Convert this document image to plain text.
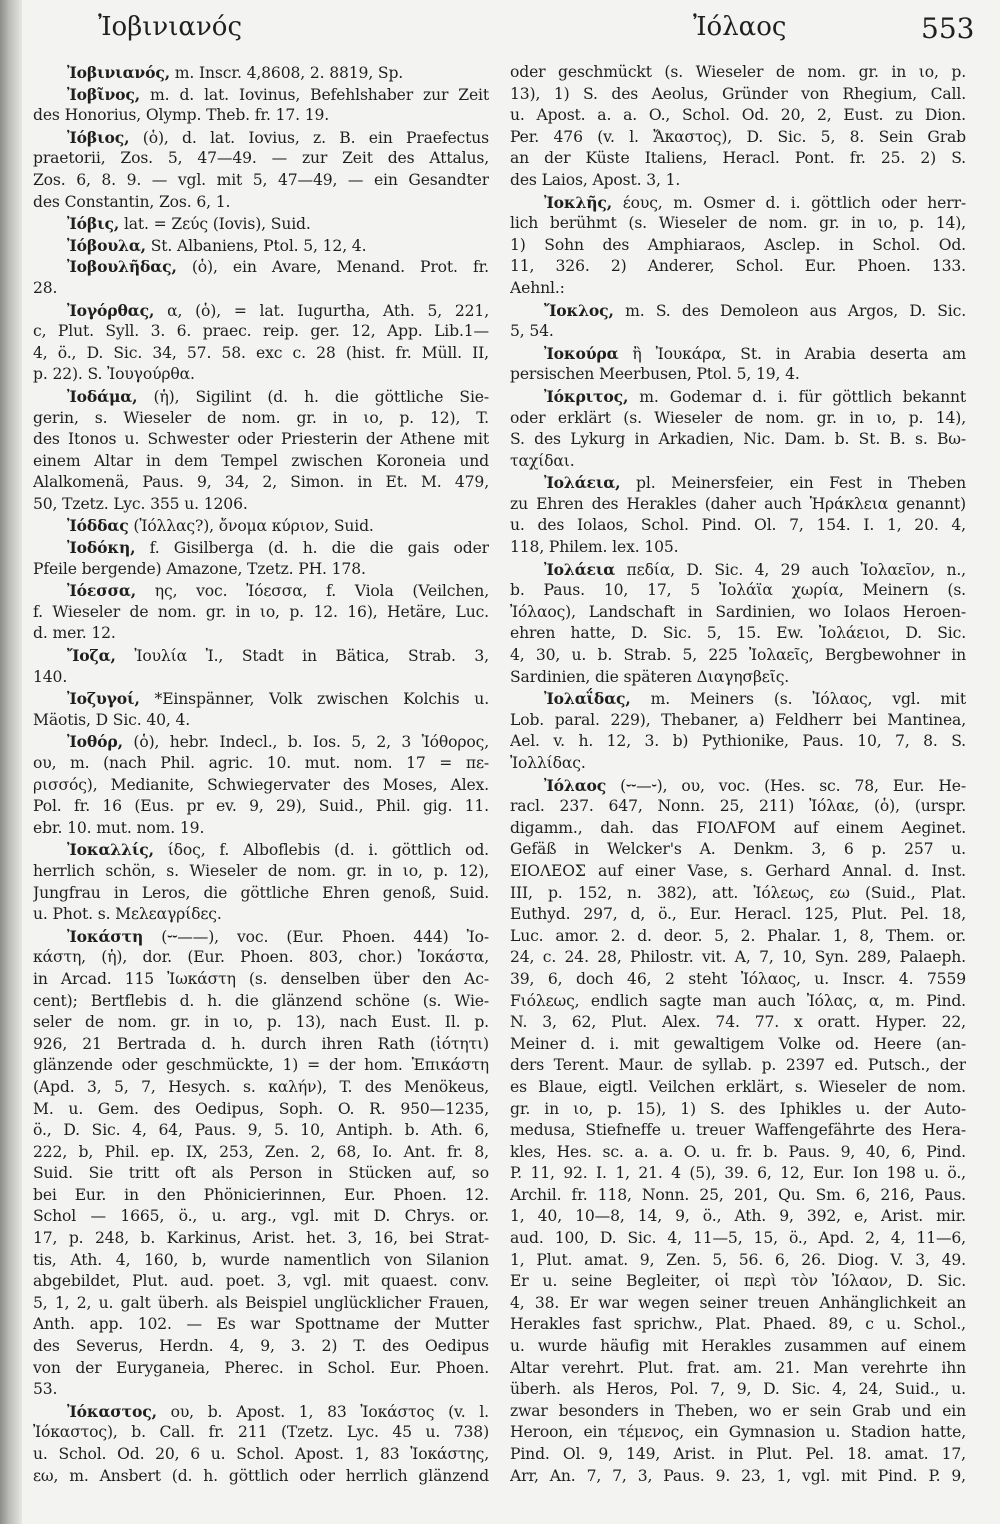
Ἰοβινιανός	Ἰόλαος	553
Ἰοβινιανός, m. Inscr. 4,8608, 2. 8819, Sp.
Ἰοβῖνος, m. d. lat. Iovinus, Befehlshaber zur Zeit
des Honorius, Olymp. Theb. fr. 17. 19.
Ἰόβιος, (ὁ), d. lat. Iovius, z. B. ein Praefectus
praetorii, Zos. 5, 47—49. — zur Zeit des Attalus,
Zos. 6, 8. 9. — vgl. mit 5, 47—49, — ein Gesandter
des Constantin, Zos. 6, 1.
Ἰόβις, lat. = Ζεύς (Iovis), Suid.
Ἰόβουλα, St. Albaniens, Ptol. 5, 12, 4.
Ἰοβουλῆδας, (ὁ), ein Avare, Menand. Prot. fr.
28.
Ἰογόρθας, α, (ὁ), = lat. Iugurtha, Ath. 5, 221,
c, Plut. Syll. 3. 6. praec. reip. ger. 12, App. Lib.1—
4, ö., D. Sic. 34, 57. 58. exc c. 28 (hist. fr. Müll. II,
p. 22). S. Ἰουγούρθα.
Ἰοδάμα, (ἡ), Sigilint (d. h. die göttliche Sie-
gerin, s. Wieseler de nom. gr. in ιο, p. 12), T.
des Itonos u. Schwester oder Priesterin der Athene mit
einem Altar in dem Tempel zwischen Koroneia und
Alalkomenä, Paus. 9, 34, 2, Simon. in Et. M. 479,
50, Tzetz. Lyc. 355 u. 1206.
Ἰόδδας (Ἰόλλας?), ὄνομα κύριον, Suid.
Ἰοδόκη, f. Gisilberga (d. h. die die gais oder
Pfeile bergende) Amazone, Tzetz. PH. 178.
Ἰόεσσα, ης, voc. Ἰόεσσα, f. Viola (Veilchen,
f. Wieseler de nom. gr. in ιο, p. 12. 16), Hetäre, Luc.
d. mer. 12.
Ἴοζα, Ἰουλία Ἰ., Stadt in Bätica, Strab. 3,
140.
Ἰοζυγοί, *Einspänner, Volk zwischen Kolchis u.
Mäotis, D Sic. 40, 4.
Ἰοθόρ, (ὁ), hebr. Indecl., b. Ios. 5, 2, 3 Ἰόθορος,
ου, m. (nach Phil. agric. 10. mut. nom. 17 = πε-
ρισσός), Medianite, Schwiegervater des Moses, Alex.
Pol. fr. 16 (Eus. pr ev. 9, 29), Suid., Phil. gig. 11.
ebr. 10. mut. nom. 19.
Ἰοκαλλίς, ίδος, f. Alboflebis (d. i. göttlich od.
herrlich schön, s. Wieseler de nom. gr. in ιο, p. 12),
Jungfrau in Leros, die göttliche Ehren genoß, Suid.
u. Phot. s. Μελεαγρίδες.
Ἰοκάστη (⏑⏑——), voc. (Eur. Phoen. 444) Ἰο-
κάστη, (ἡ), dor. (Eur. Phoen. 803, chor.) Ἰοκάστα,
in Arcad. 115 Ἰωκάστη (s. denselben über den Ac-
cent); Bertflebis d. h. die glänzend schöne (s. Wie-
seler de nom. gr. in ιο, p. 13), nach Eust. Il. p.
926, 21 Bertrada d. h. durch ihren Rath (ἰότητι)
glänzende oder geschmückte, 1) = der hom. Ἐπικάστη
(Apd. 3, 5, 7, Hesych. s. καλήν), T. des Menökeus,
M. u. Gem. des Oedipus, Soph. O. R. 950—1235,
ö., D. Sic. 4, 64, Paus. 9, 5. 10, Antiph. b. Ath. 6,
222, b, Phil. ep. IX, 253, Zen. 2, 68, Io. Ant. fr. 8,
Suid. Sie tritt oft als Person in Stücken auf, so
bei Eur. in den Phönicierinnen, Eur. Phoen. 12.
Schol — 1665, ö., u. arg., vgl. mit D. Chrys. or.
17, p. 248, b. Karkinus, Arist. het. 3, 16, bei Strat-
tis, Ath. 4, 160, b, wurde namentlich von Silanion
abgebildet, Plut. aud. poet. 3, vgl. mit quaest. conv.
5, 1, 2, u. galt überh. als Beispiel unglücklicher Frauen,
Anth. app. 102. — Es war Spottname der Mutter
des Severus, Herdn. 4, 9, 3. 2) T. des Oedipus
von der Euryganeia, Pherec. in Schol. Eur. Phoen.
53.
Ἰόκαστος, ου, b. Apost. 1, 83 Ἰοκάστος (v. l.
Ἰόκαστος), b. Call. fr. 211 (Tzetz. Lyc. 45 u. 738)
u. Schol. Od. 20, 6 u. Schol. Apost. 1, 83 Ἰοκάστης,
εω, m. Ansbert (d. h. göttlich oder herrlich glänzend
oder geschmückt (s. Wieseler de nom. gr. in ιο, p.
13), 1) S. des Aeolus, Gründer von Rhegium, Call.
u. Apost. a. a. O., Schol. Od. 20, 2, Eust. zu Dion.
Per. 476 (v. l. Ἄκαστος), D. Sic. 5, 8. Sein Grab
an der Küste Italiens, Heracl. Pont. fr. 25. 2) S.
des Laios, Apost. 3, 1.
Ἰοκλῆς, έους, m. Osmer d. i. göttlich oder herr-
lich berühmt (s. Wieseler de nom. gr. in ιο, p. 14),
1) Sohn des Amphiaraos, Asclep. in Schol. Od.
11, 326. 2) Anderer, Schol. Eur. Phoen. 133.
Aehnl.:
Ἴοκλος, m. S. des Demoleon aus Argos, D. Sic.
5, 54.
Ἰοκούρα ἢ Ἰουκάρα, St. in Arabia deserta am
persischen Meerbusen, Ptol. 5, 19, 4.
Ἰόκριτος, m. Godemar d. i. für göttlich bekannt
oder erklärt (s. Wieseler de nom. gr. in ιο, p. 14),
S. des Lykurg in Arkadien, Nic. Dam. b. St. B. s. Βω-
ταχίδαι.
Ἰολάεια, pl. Meinersfeier, ein Fest in Theben
zu Ehren des Herakles (daher auch Ἡράκλεια genannt)
u. des Iolaos, Schol. Pind. Ol. 7, 154. I. 1, 20. 4,
118, Philem. lex. 105.
Ἰολάεια πεδία, D. Sic. 4, 29 auch Ἰολαεῖον, n.,
b. Paus. 10, 17, 5 Ἰολάϊα χωρία, Meinern (s.
Ἰόλαος), Landschaft in Sardinien, wo Iolaos Heroen-
ehren hatte, D. Sic. 5, 15. Ew. Ἰολάειοι, D. Sic.
4, 30, u. b. Strab. 5, 225 Ἰολαεῖς, Bergbewohner in
Sardinien, die späteren Διαγησβεῖς.
Ἰολαΐδας, m. Meiners (s. Ἰόλαος, vgl. mit
Lob. paral. 229), Thebaner, a) Feldherr bei Mantinea,
Ael. v. h. 12, 3. b) Pythionike, Paus. 10, 7, 8. S.
Ἰολλίδας.
Ἰόλαος (⏑⏑—⏑), ου, voc. (Hes. sc. 78, Eur. He-
racl. 237. 647, Nonn. 25, 211) Ἰόλαε, (ὁ), (urspr.
digamm., dah. das FIOΛFOM auf einem Aeginet.
Gefäß in Welcker's A. Denkm. 3, 6 p. 257 u.
ΕΙΟΛΕΟΣ auf einer Vase, s. Gerhard Annal. d. Inst.
III, p. 152, n. 382), att. Ἰόλεως, εω (Suid., Plat.
Euthyd. 297, d, ö., Eur. Heracl. 125, Plut. Pel. 18,
Luc. amor. 2. d. deor. 5, 2. Phalar. 1, 8, Them. or.
24, c. 24. 28, Philostr. vit. A, 7, 10, Syn. 289, Palaeph.
39, 6, doch 46, 2 steht Ἰόλαος, u. Inscr. 4. 7559
Fιόλεως, endlich sagte man auch Ἰόλας, α, m. Pind.
N. 3, 62, Plut. Alex. 74. 77. x oratt. Hyper. 22,
Meiner d. i. mit gewaltigem Volke od. Heere (an-
ders Terent. Maur. de syllab. p. 2397 ed. Putsch., der
es Blaue, eigtl. Veilchen erklärt, s. Wieseler de nom.
gr. in ιο, p. 15), 1) S. des Iphikles u. der Auto-
medusa, Stiefneffe u. treuer Waffengefährte des Hera-
kles, Hes. sc. a. a. O. u. fr. b. Paus. 9, 40, 6, Pind.
P. 11, 92. I. 1, 21. 4 (5), 39. 6, 12, Eur. Ion 198 u. ö.,
Archil. fr. 118, Nonn. 25, 201, Qu. Sm. 6, 216, Paus.
1, 40, 10—8, 14, 9, ö., Ath. 9, 392, e, Arist. mir.
aud. 100, D. Sic. 4, 11—5, 15, ö., Apd. 2, 4, 11—6,
1, Plut. amat. 9, Zen. 5, 56. 6, 26. Diog. V. 3, 49.
Er u. seine Begleiter, οἱ περὶ τὸν Ἰόλαον, D. Sic.
4, 38. Er war wegen seiner treuen Anhänglichkeit an
Herakles fast sprichw., Plat. Phaed. 89, c u. Schol.,
u. wurde häufig mit Herakles zusammen auf einem
Altar verehrt. Plut. frat. am. 21. Man verehrte ihn
überh. als Heros, Pol. 7, 9, D. Sic. 4, 24, Suid., u.
zwar besonders in Theben, wo er sein Grab und ein
Heroon, ein τέμενος, ein Gymnasion u. Stadion hatte,
Pind. Ol. 9, 149, Arist. in Plut. Pel. 18. amat. 17,
Arr, An. 7, 7, 3, Paus. 9. 23, 1, vgl. mit Pind. P. 9,
